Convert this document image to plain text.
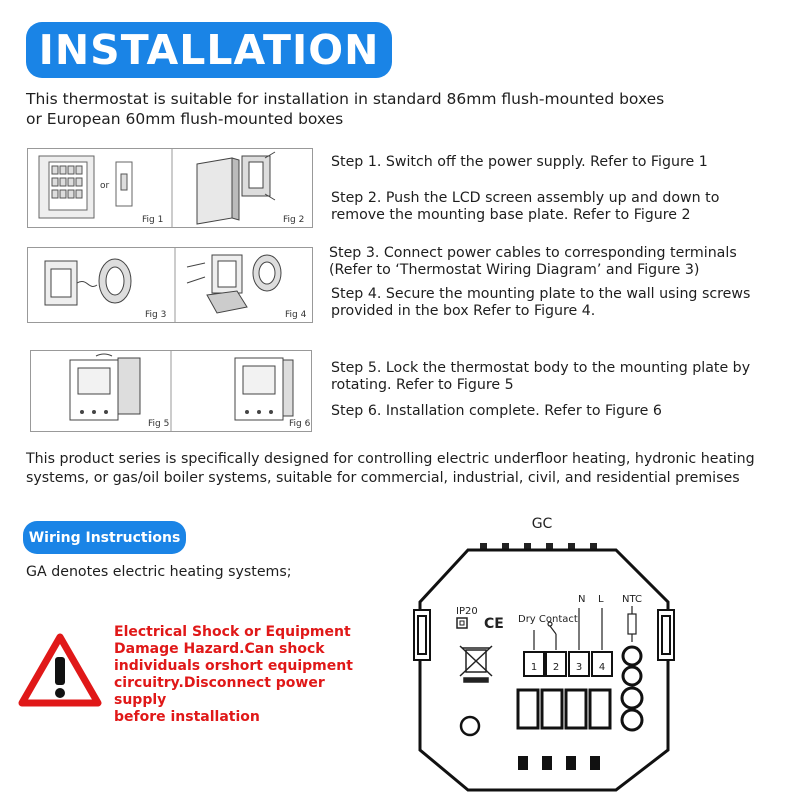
INSTALLATION
This thermostat is suitable for installation in standard 86mm flush-mounted boxes
or European 60mm flush-mounted boxes
or
Fig 1	Fig 2
Fig 3	Fig 4
Fig 5	Fig 6
Step 1. Switch off the power supply. Refer to Figure 1
Step 2. Push the LCD screen assembly up and down to
remove the mounting base plate. Refer to Figure 2
Step 3. Connect power cables to corresponding terminals
(Refer to ‘Thermostat Wiring Diagram’ and Figure 3)
Step 4. Secure the mounting plate to the wall using screws
provided in the box Refer to Figure 4.
Step 5. Lock the thermostat body to the mounting plate by
rotating. Refer to Figure 5
Step 6. Installation complete. Refer to Figure 6
This product series is specifically designed for controlling electric underfloor heating, hydronic heating
systems, or gas/oil boiler systems, suitable for commercial, industrial, civil, and residential premises
Wiring Instructions
GA denotes electric heating systems;
Electrical Shock or Equipment
Damage Hazard.Can shock
individuals orshort equipment
circuitry.Disconnect power supply
before installation
GC
IP20
CE Dry Contact
N L NTC
1 2 3 4
